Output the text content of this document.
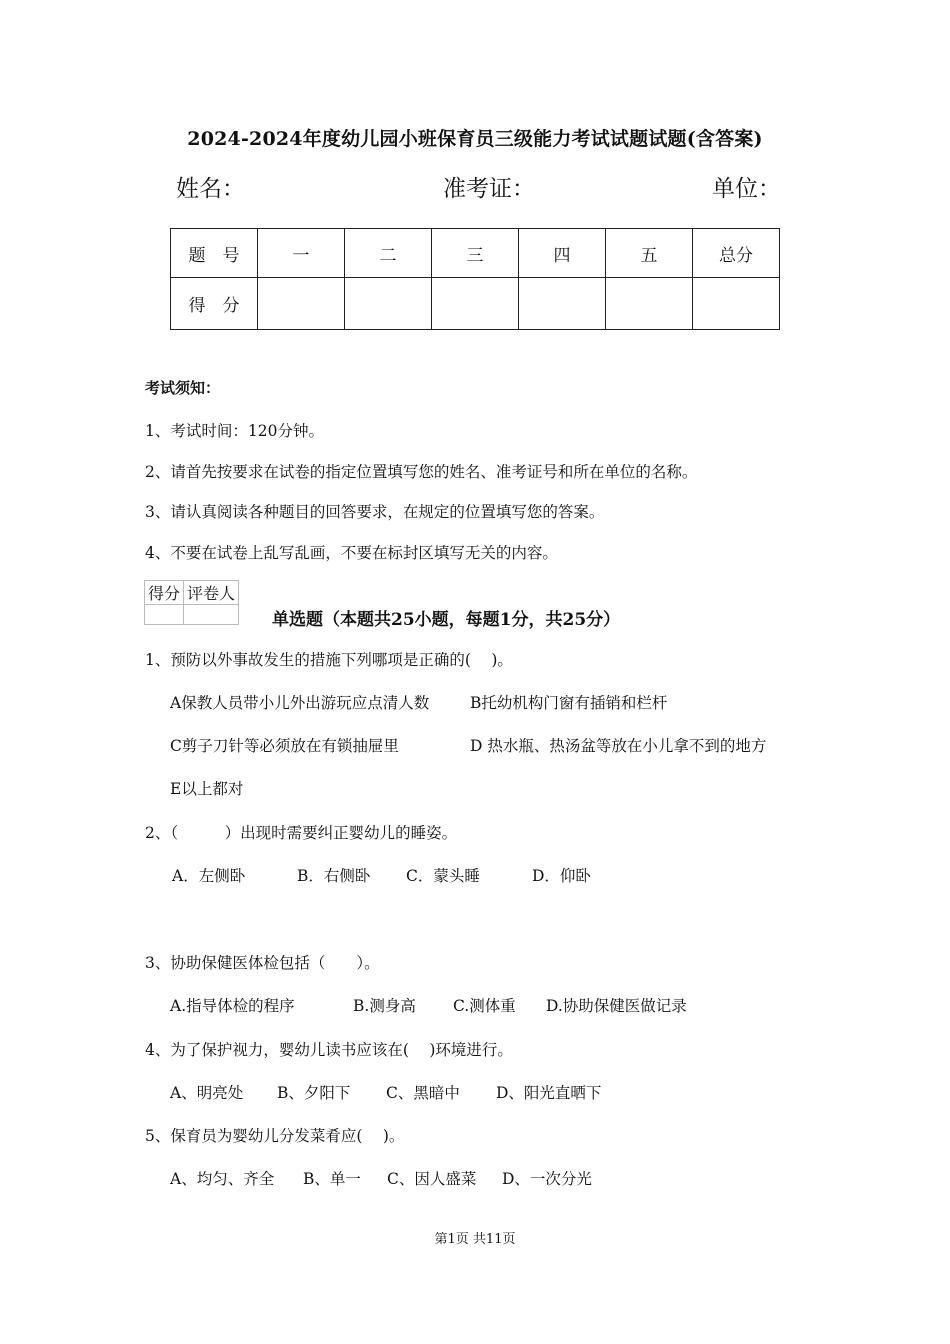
2024-2024年度幼儿园小班保育员三级能力考试试题试题(含答案)
姓名：	准考证：	单位：
题　号	一	二	三	四	五	总分
得　分						
考试须知：
1、考试时间：120分钟。
2、请首先按要求在试卷的指定位置填写您的姓名、准考证号和所在单位的名称。
3、请认真阅读各种题目的回答要求，在规定的位置填写您的答案。
4、不要在试卷上乱写乱画，不要在标封区填写无关的内容。
得分	评卷人

单选题（本题共25小题，每题1分，共25分）
1、预防以外事故发生的措施下列哪项是正确的(　 )。
A保教人员带小儿外出游玩应点清人数	B托幼机构门窗有插销和栏杆
C剪子刀针等必须放在有锁抽屉里	D 热水瓶、热汤盆等放在小儿拿不到的地方
E以上都对
2、（　　　）出现时需要纠正婴幼儿的睡姿。
A．左侧卧	B．右侧卧 C．蒙头睡	D．仰卧
3、协助保健医体检包括（　　）。
A.指导体检的程序	B.测身高 C.测体重 D.协助保健医做记录
4、为了保护视力，婴幼儿读书应该在(　 )环境进行。
A、明亮处 B、夕阳下 C、黑暗中 D、阳光直晒下
5、保育员为婴幼儿分发菜肴应(　 )。
A、均匀、齐全 B、单一 C、因人盛菜 D、一次分光
第1页 共11页
